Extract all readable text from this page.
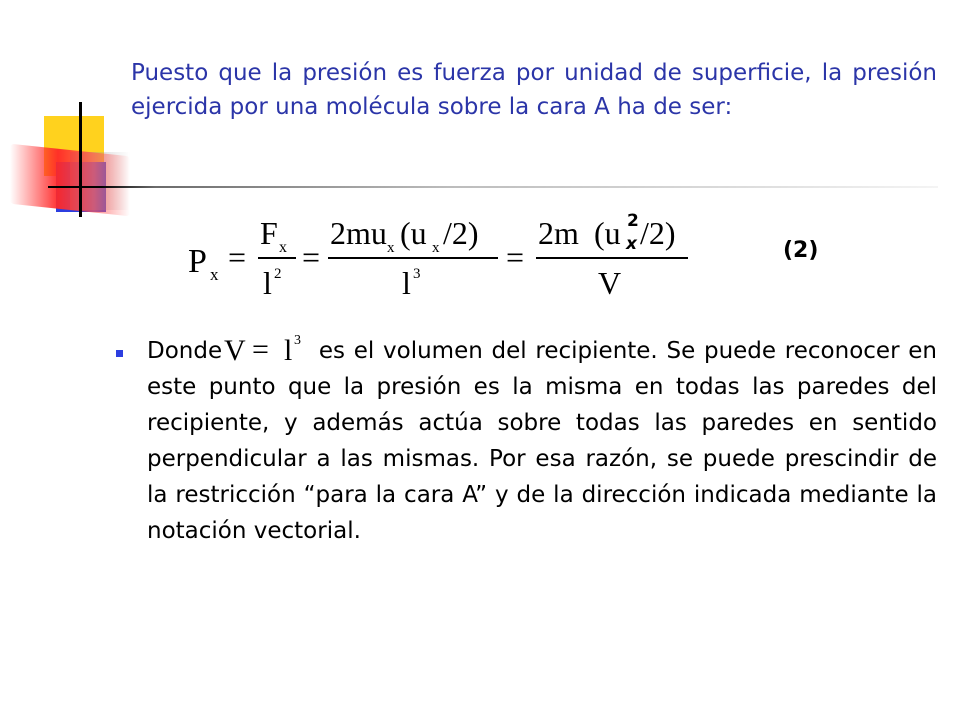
Puesto que la presión es fuerza por unidad de superficie, la presión ejercida por una molécula sobre la cara A ha de ser:

P x =
F x
l 2 =
2mu x (u x /2)
l 3	=
2m (u 2
x /2)
V
(2)

Donde V = l 3 es el volumen del recipiente. Se puede reconocer en este punto que la presión es la misma en todas las paredes del recipiente, y además actúa sobre todas las paredes en sentido perpendicular a las mismas. Por esa razón, se puede prescindir de la restricción “para la cara A” y de la dirección indicada mediante la notación vectorial.
